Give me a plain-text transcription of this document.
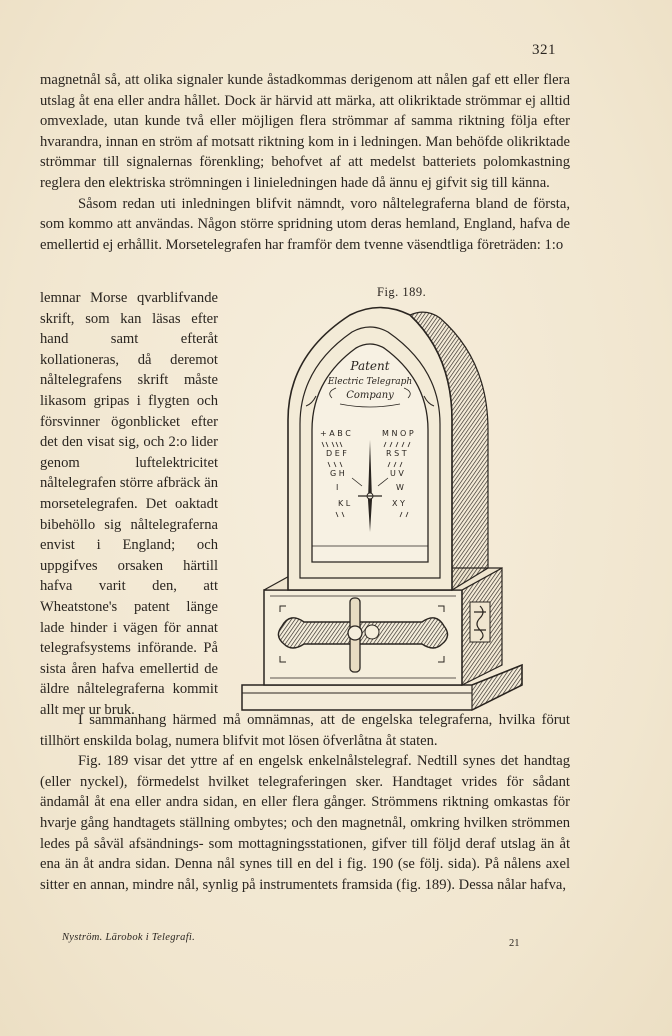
321

magnetnål så, att olika signaler kunde åstadkommas derigenom att nålen gaf ett eller flera utslag åt ena eller andra hållet. Dock är härvid att märka, att olikriktade strömmar ej alltid omvexlade, utan kunde två eller möjligen flera strömmar af samma riktning följa efter hvarandra, innan en ström af motsatt riktning kom in i ledningen. Man behöfde olikriktade strömmar till signalernas förenkling; behofvet af att medelst batteriets polomkastning reglera den elektriska strömningen i linieledningen hade då ännu ej gifvit sig till känna.

Såsom redan uti inledningen blifvit nämndt, voro nåltelegraferna bland de första, som kommo att användas. Någon större spridning utom deras hemland, England, hafva de emellertid ej erhållit. Morsetelegrafen har framför dem tvenne väsendtliga företräden: 1:o

lemnar Morse qvarblifvande skrift, som kan läsas efter hand samt efteråt kollationeras, då deremot nåltelegrafens skrift måste likasom gripas i flygten och försvinner ögonblicket efter det den visat sig, och 2:o lider genom luftelektricitet nåltelegrafen större afbräck än morsetelegrafen. Det oaktadt bibehöllo sig nåltelegraferna envist i England; och uppgifves orsaken härtill hafva varit den, att Wheatstone's patent länge lade hinder i vägen för annat telegrafsystems införande. På sista åren hafva emellertid de äldre nåltelegraferna kommit allt mer ur bruk.

Fig. 189.
Patent
Electric Telegraph
Company
+ A B C	M N O P
D E F	R S T
G H	U V
I	W
K L	X Y

I sammanhang härmed må omnämnas, att de engelska telegraferna, hvilka förut tillhört enskilda bolag, numera blifvit mot lösen öfverlåtna åt staten.

Fig. 189 visar det yttre af en engelsk enkelnålstelegraf. Nedtill synes det handtag (eller nyckel), förmedelst hvilket telegraferingen sker. Handtaget vrides för sådant ändamål åt ena eller andra sidan, en eller flera gånger. Strömmens riktning omkastas för hvarje gång handtagets ställning ombytes; och den magnetnål, omkring hvilken strömmen ledes på såväl afsändnings- som mottagningsstationen, gifver till följd deraf utslag än åt ena än åt andra sidan. Denna nål synes till en del i fig. 190 (se följ. sida). På nålens axel sitter en annan, mindre nål, synlig på instrumentets framsida (fig. 189). Dessa nålar hafva,

Nyström. Lärobok i Telegrafi.
21
